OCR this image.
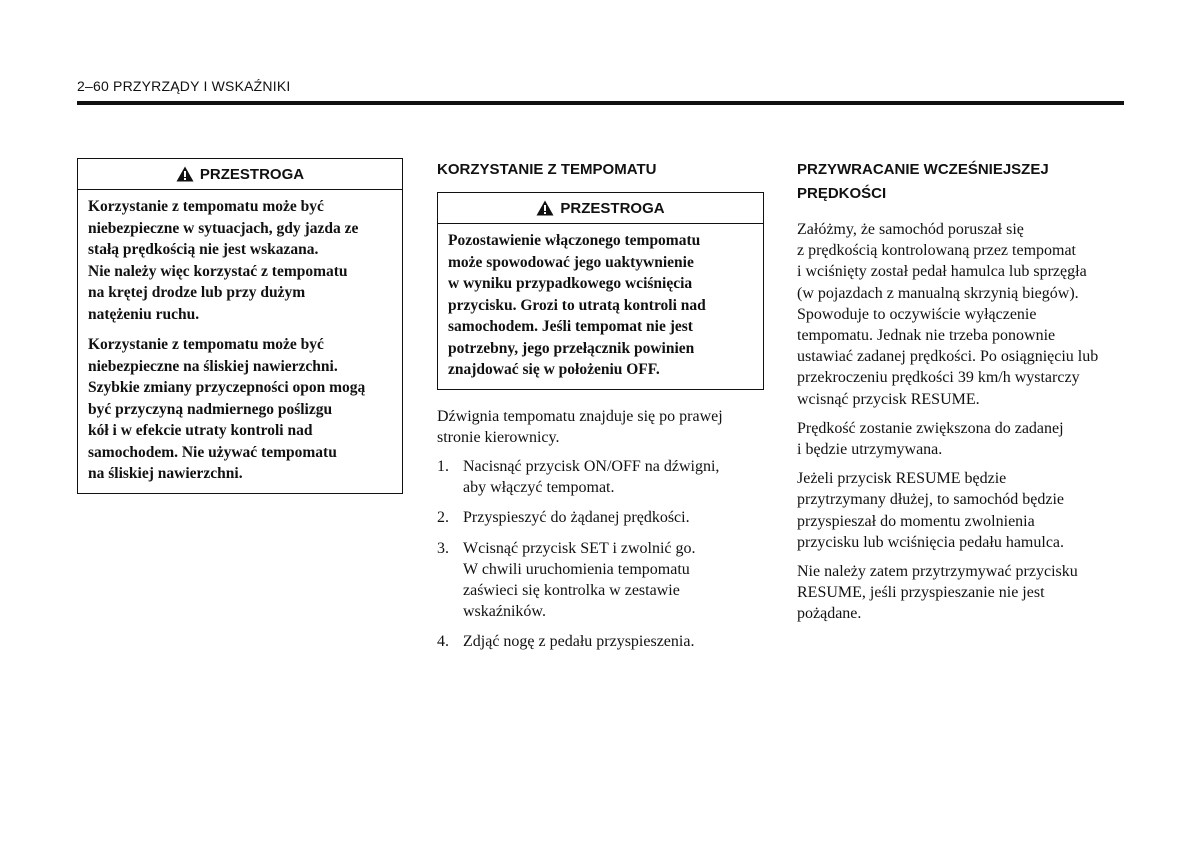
2–60 PRZYRZĄDY I WSKAŹNIKI
PRZESTROGA

Korzystanie z tempomatu może być
niebezpieczne w sytuacjach, gdy jazda ze
stałą prędkością nie jest wskazana.
Nie należy więc korzystać z tempomatu
na krętej drodze lub przy dużym
natężeniu ruchu.

Korzystanie z tempomatu może być
niebezpieczne na śliskiej nawierzchni.
Szybkie zmiany przyczepności opon mogą
być przyczyną nadmiernego poślizgu
kół i w efekcie utraty kontroli nad
samochodem. Nie używać tempomatu
na śliskiej nawierzchni.

KORZYSTANIE Z TEMPOMATU
PRZESTROGA

Pozostawienie włączonego tempomatu
może spowodować jego uaktywnienie
w wyniku przypadkowego wciśnięcia
przycisku. Grozi to utratą kontroli nad
samochodem. Jeśli tempomat nie jest
potrzebny, jego przełącznik powinien
znajdować się w położeniu OFF.

Dźwignia tempomatu znajduje się po prawej
stronie kierownicy.

1. Nacisnąć przycisk ON/OFF na dźwigni,
aby włączyć tempomat.
2. Przyspieszyć do żądanej prędkości.
3. Wcisnąć przycisk SET i zwolnić go.
W chwili uruchomienia tempomatu
zaświeci się kontrolka w zestawie
wskaźników.
4. Zdjąć nogę z pedału przyspieszenia.
PRZYWRACANIE WCZEŚNIEJSZEJ
PRĘDKOŚCI

Załóżmy, że samochód poruszał się
z prędkością kontrolowaną przez tempomat
i wciśnięty został pedał hamulca lub sprzęgła
(w pojazdach z manualną skrzynią biegów).
Spowoduje to oczywiście wyłączenie
tempomatu. Jednak nie trzeba ponownie
ustawiać zadanej prędkości. Po osiągnięciu lub
przekroczeniu prędkości 39 km/h wystarczy
wcisnąć przycisk RESUME.

Prędkość zostanie zwiększona do zadanej
i będzie utrzymywana.

Jeżeli przycisk RESUME będzie
przytrzymany dłużej, to samochód będzie
przyspieszał do momentu zwolnienia
przycisku lub wciśnięcia pedału hamulca.

Nie należy zatem przytrzymywać przycisku
RESUME, jeśli przyspieszanie nie jest
pożądane.
